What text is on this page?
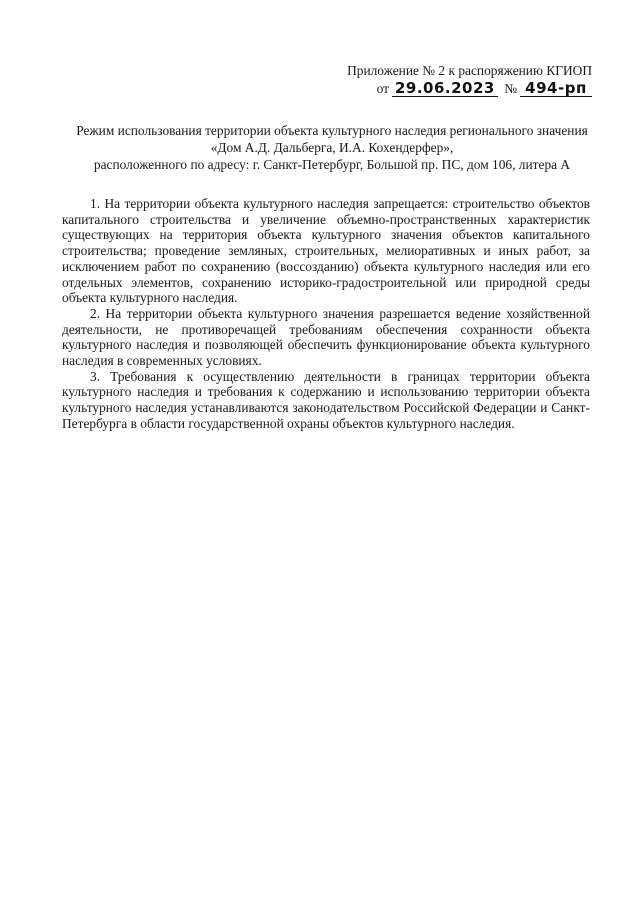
Приложение № 2 к распоряжению КГИОП
от 29.06.2023 № 494-рп
Режим использования территории объекта культурного наследия регионального значения
«Дом А.Д. Дальберга, И.А. Кохендерфер»,
расположенного по адресу: г. Санкт-Петербург, Большой пр. ПС, дом 106, литера А

1. На территории объекта культурного наследия запрещается: строительство объектов капитального строительства и увеличение объемно-пространственных характеристик существующих на территория объекта культурного значения объектов капитального строительства; проведение земляных, строительных, мелиоративных и иных работ, за исключением работ по сохранению (воссозданию) объекта культурного наследия или его отдельных элементов, сохранению историко-градостроительной или природной среды объекта культурного наследия.

2. На территории объекта культурного значения разрешается ведение хозяйственной деятельности, не противоречащей требованиям обеспечения сохранности объекта культурного наследия и позволяющей обеспечить функционирование объекта культурного наследия в современных условиях.

3. Требования к осуществлению деятельности в границах территории объекта культурного наследия и требования к содержанию и использованию территории объекта культурного наследия устанавливаются законодательством Российской Федерации и Санкт-Петербурга в области государственной охраны объектов культурного наследия.
